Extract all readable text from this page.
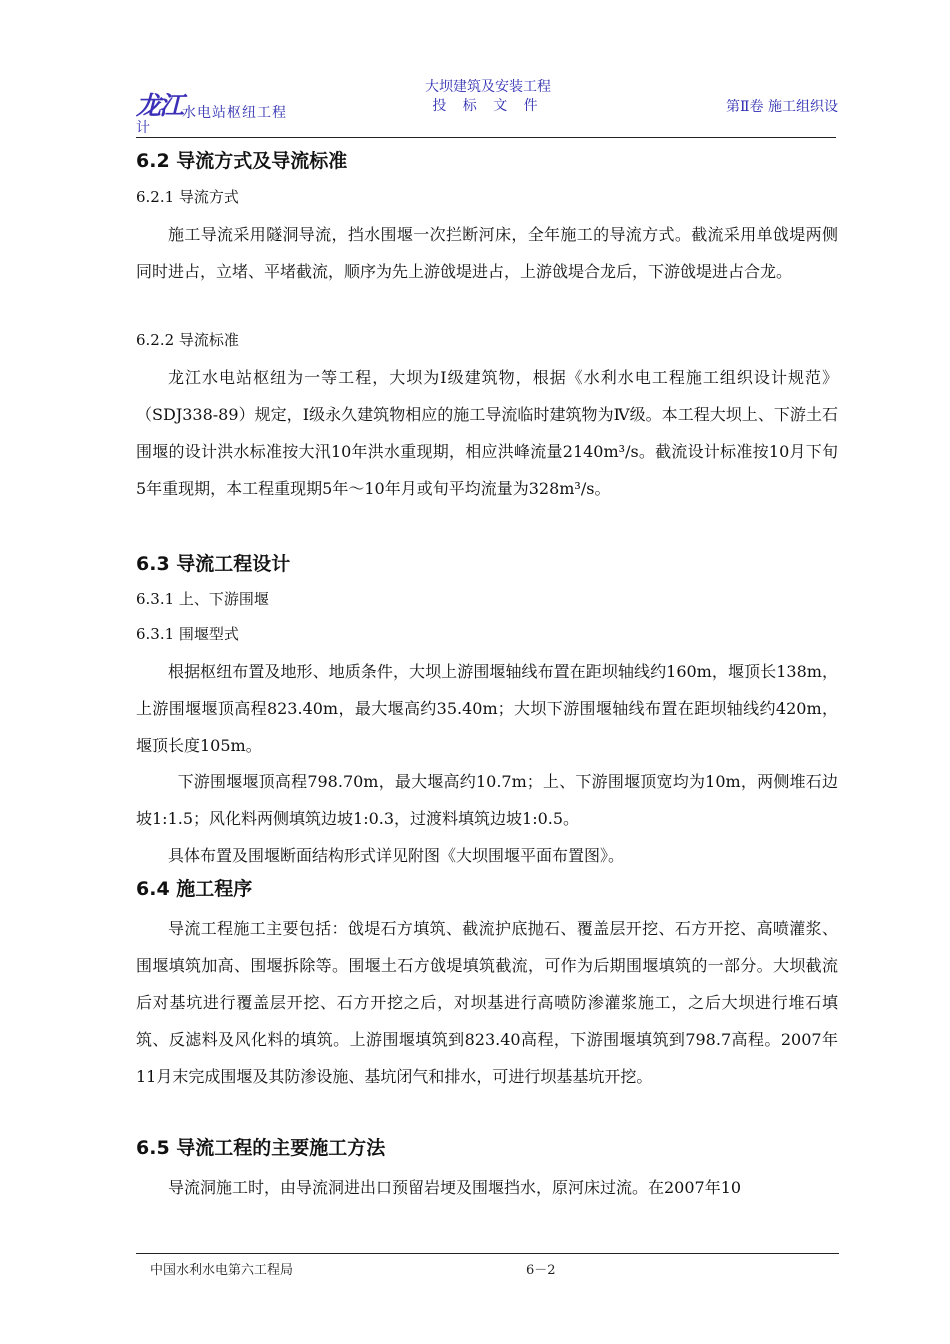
龙江水电站枢纽工程
计
大坝建筑及安装工程
投 标 文 件	第Ⅱ卷 施工组织设
6.2 导流方式及导流标准
6.2.1 导流方式
施工导流采用隧洞导流，挡水围堰一次拦断河床，全年施工的导流方式。截流采用单戗堤两侧同时进占，立堵、平堵截流，顺序为先上游戗堤进占，上游戗堤合龙后，下游戗堤进占合龙。
6.2.2 导流标准
龙江水电站枢纽为一等工程，大坝为Ⅰ级建筑物，根据《水利水电工程施工组织设计规范》（SDJ338-89）规定，Ⅰ级永久建筑物相应的施工导流临时建筑物为Ⅳ级。本工程大坝上、下游土石围堰的设计洪水标准按大汛10年洪水重现期，相应洪峰流量2140m³/s。截流设计标准按10月下旬5年重现期，本工程重现期5年～10年月或旬平均流量为328m³/s。
6.3 导流工程设计
6.3.1 上、下游围堰
6.3.1 围堰型式
根据枢纽布置及地形、地质条件，大坝上游围堰轴线布置在距坝轴线约160m，堰顶长138m，上游围堰堰顶高程823.40m，最大堰高约35.40m；大坝下游围堰轴线布置在距坝轴线约420m，堰顶长度105m。
下游围堰堰顶高程798.70m，最大堰高约10.7m；上、下游围堰顶宽均为10m，两侧堆石边坡1:1.5；风化料两侧填筑边坡1:0.3，过渡料填筑边坡1:0.5。
具体布置及围堰断面结构形式详见附图《大坝围堰平面布置图》。
6.4 施工程序
导流工程施工主要包括：戗堤石方填筑、截流护底抛石、覆盖层开挖、石方开挖、高喷灌浆、围堰填筑加高、围堰拆除等。围堰土石方戗堤填筑截流，可作为后期围堰填筑的一部分。大坝截流后对基坑进行覆盖层开挖、石方开挖之后，对坝基进行高喷防渗灌浆施工，之后大坝进行堆石填筑、反滤料及风化料的填筑。上游围堰填筑到823.40高程，下游围堰填筑到798.7高程。2007年11月末完成围堰及其防渗设施、基坑闭气和排水，可进行坝基基坑开挖。
6.5 导流工程的主要施工方法
导流洞施工时，由导流洞进出口预留岩埂及围堰挡水，原河床过流。在2007年10
中国水利水电第六工程局	6－2
